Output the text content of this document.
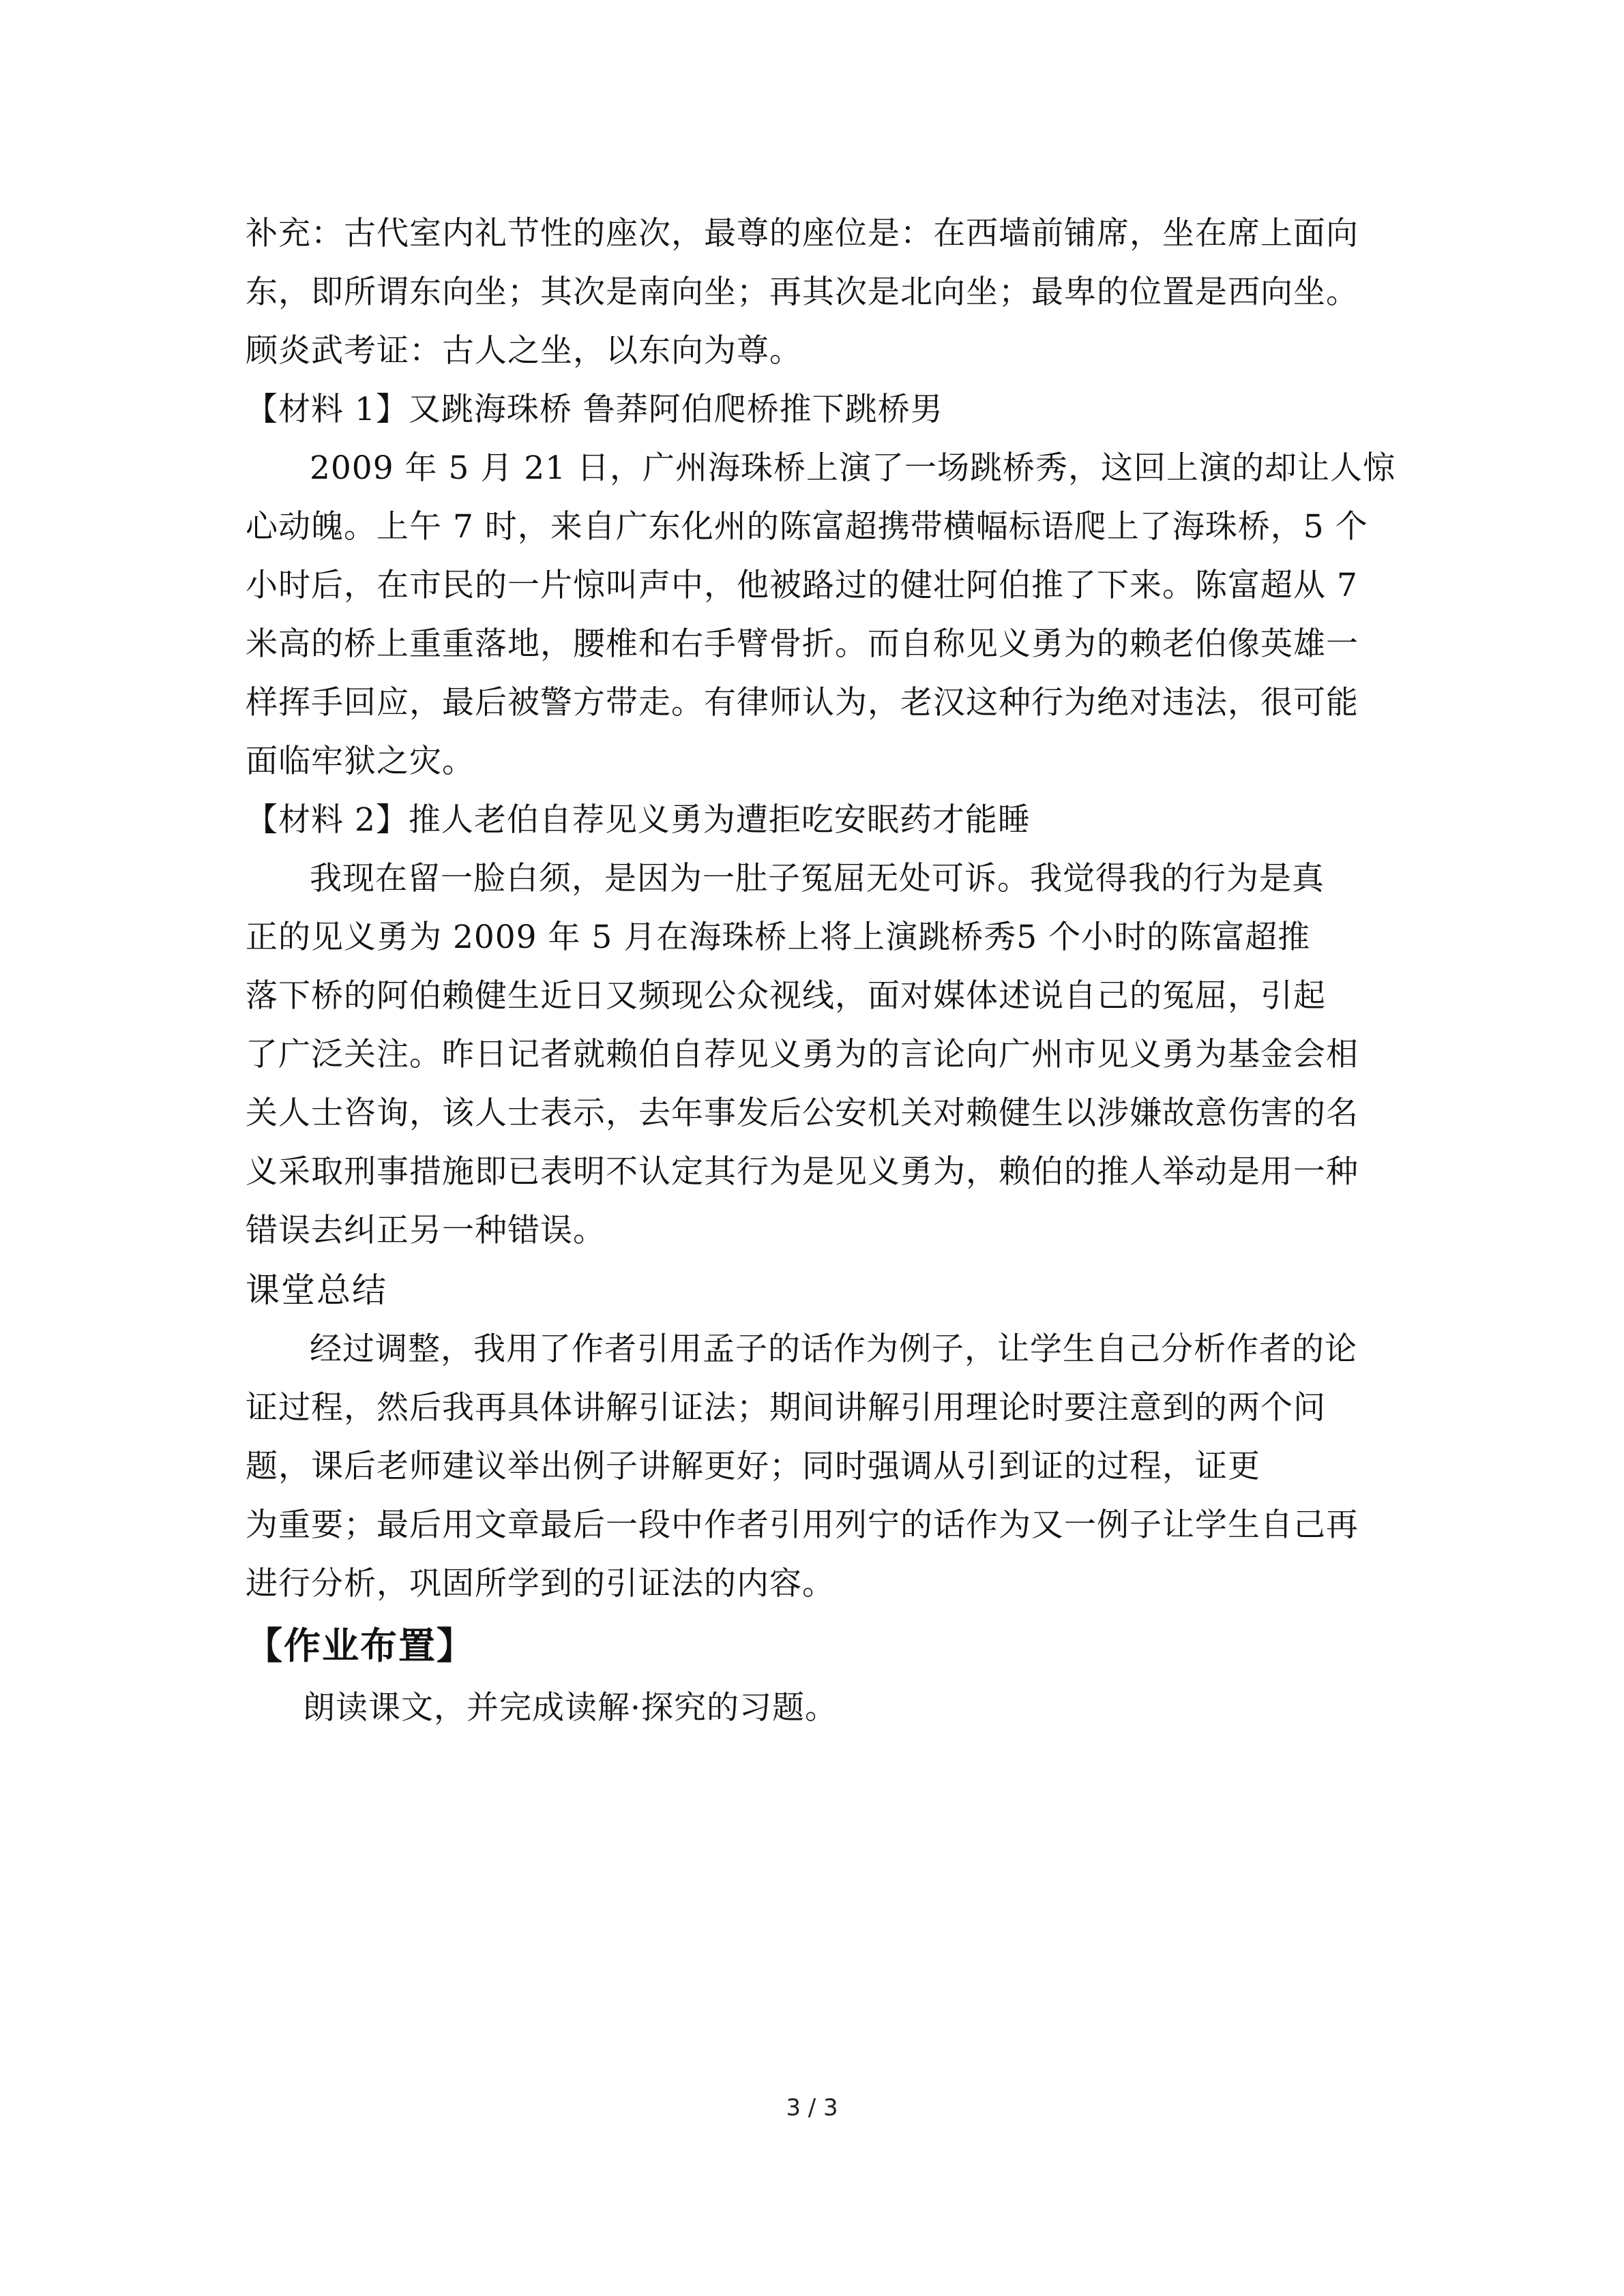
补充：古代室内礼节性的座次，最尊的座位是：在西墙前铺席，坐在席上面向
东，即所谓东向坐；其次是南向坐；再其次是北向坐；最卑的位置是西向坐。
顾炎武考证：古人之坐，以东向为尊。
【材料 1】又跳海珠桥 鲁莽阿伯爬桥推下跳桥男
2009 年 5 月 21 日，广州海珠桥上演了一场跳桥秀，这回上演的却让人惊
心动魄。上午 7 时，来自广东化州的陈富超携带横幅标语爬上了海珠桥，5 个
小时后，在市民的一片惊叫声中，他被路过的健壮阿伯推了下来。陈富超从 7
米高的桥上重重落地，腰椎和右手臂骨折。而自称见义勇为的赖老伯像英雄一
样挥手回应，最后被警方带走。有律师认为，老汉这种行为绝对违法，很可能
面临牢狱之灾。
【材料 2】推人老伯自荐见义勇为遭拒吃安眠药才能睡
我现在留一脸白须，是因为一肚子冤屈无处可诉。我觉得我的行为是真
正的见义勇为 2009 年 5 月在海珠桥上将上演跳桥秀5 个小时的陈富超推
落下桥的阿伯赖健生近日又频现公众视线，面对媒体述说自己的冤屈，引起
了广泛关注。昨日记者就赖伯自荐见义勇为的言论向广州市见义勇为基金会相
关人士咨询，该人士表示，去年事发后公安机关对赖健生以涉嫌故意伤害的名
义采取刑事措施即已表明不认定其行为是见义勇为，赖伯的推人举动是用一种
错误去纠正另一种错误。
课堂总结
经过调整，我用了作者引用孟子的话作为例子，让学生自己分析作者的论
证过程，然后我再具体讲解引证法；期间讲解引用理论时要注意到的两个问
题，课后老师建议举出例子讲解更好；同时强调从引到证的过程，证更
为重要；最后用文章最后一段中作者引用列宁的话作为又一例子让学生自己再
进行分析，巩固所学到的引证法的内容。
【作业布置】
朗读课文，并完成读解·探究的习题。
3 / 3
